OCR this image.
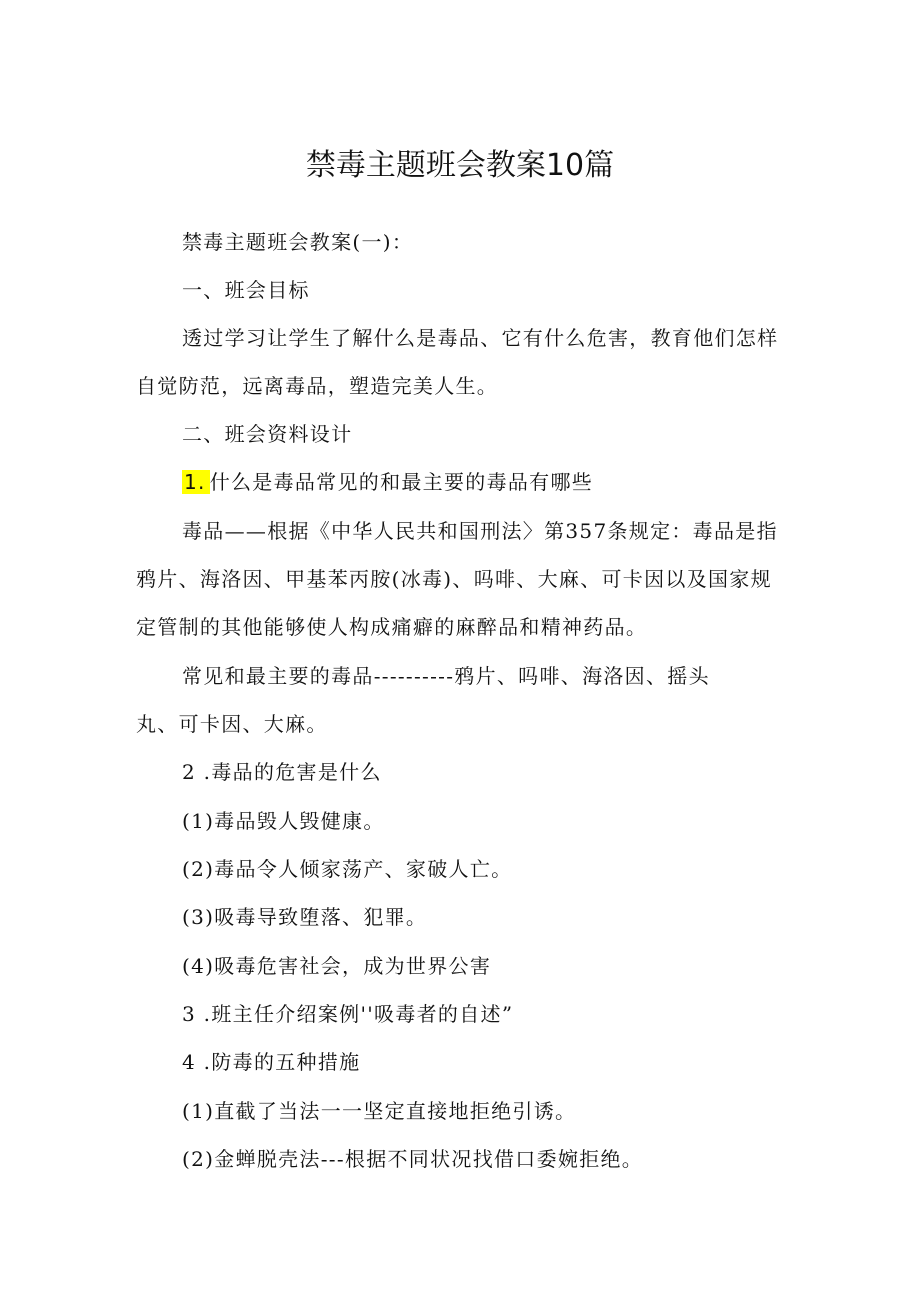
禁毒主题班会教案10篇
禁毒主题班会教案(一)：
一、班会目标
透过学习让学生了解什么是毒品、它有什么危害，教育他们怎样
自觉防范，远离毒品，塑造完美人生。
二、班会资料设计
1. 什么是毒品常见的和最主要的毒品有哪些
毒品——根据《中华人民共和国刑法〉第357条规定：毒品是指
鸦片、海洛因、甲基苯丙胺(冰毒)、吗啡、大麻、可卡因以及国家规
定管制的其他能够使人构成痛癖的麻醉品和精神药品。
常见和最主要的毒品----------鸦片、吗啡、海洛因、摇头
丸、可卡因、大麻。
2 .毒品的危害是什么
(1)毒品毁人毁健康。
(2)毒品令人倾家荡产、家破人亡。
(3)吸毒导致堕落、犯罪。
(4)吸毒危害社会，成为世界公害
3 .班主任介绍案例''吸毒者的自述”
4 .防毒的五种措施
(1)直截了当法一一坚定直接地拒绝引诱。
(2)金蝉脱壳法---根据不同状况找借口委婉拒绝。
